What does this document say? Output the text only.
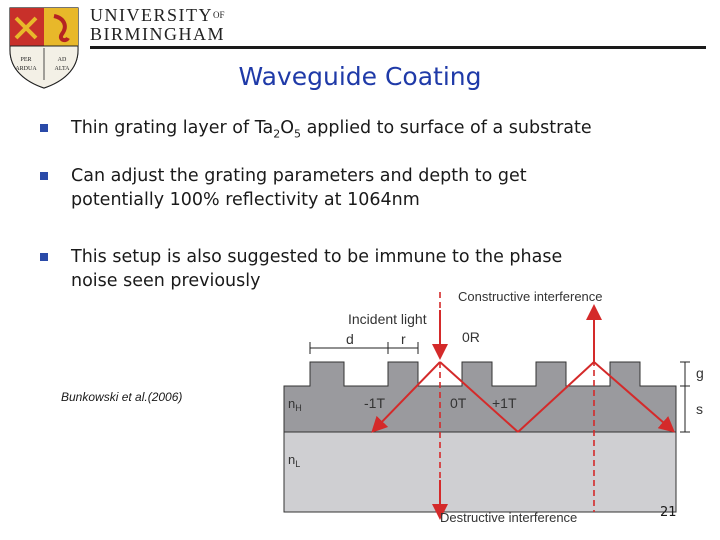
PER
ARDUA
AD
ALTA
$UNIVERSITY^{OF}$
BIRMINGHAM
Waveguide Coating
Thin grating layer of $Ta_2O_5$ applied to surface of a substrate
Can adjust the grating parameters and depth to get
potentially 100% reflectivity at 1064nm
This setup is also suggested to be immune to the phase
noise seen previously
Bunkowski et al.(2006)
Constructive interference
Incident light
d	r	0R
-1T	0T +1T
$n_H$
$n_L$
g
s
Destructive interference	21
